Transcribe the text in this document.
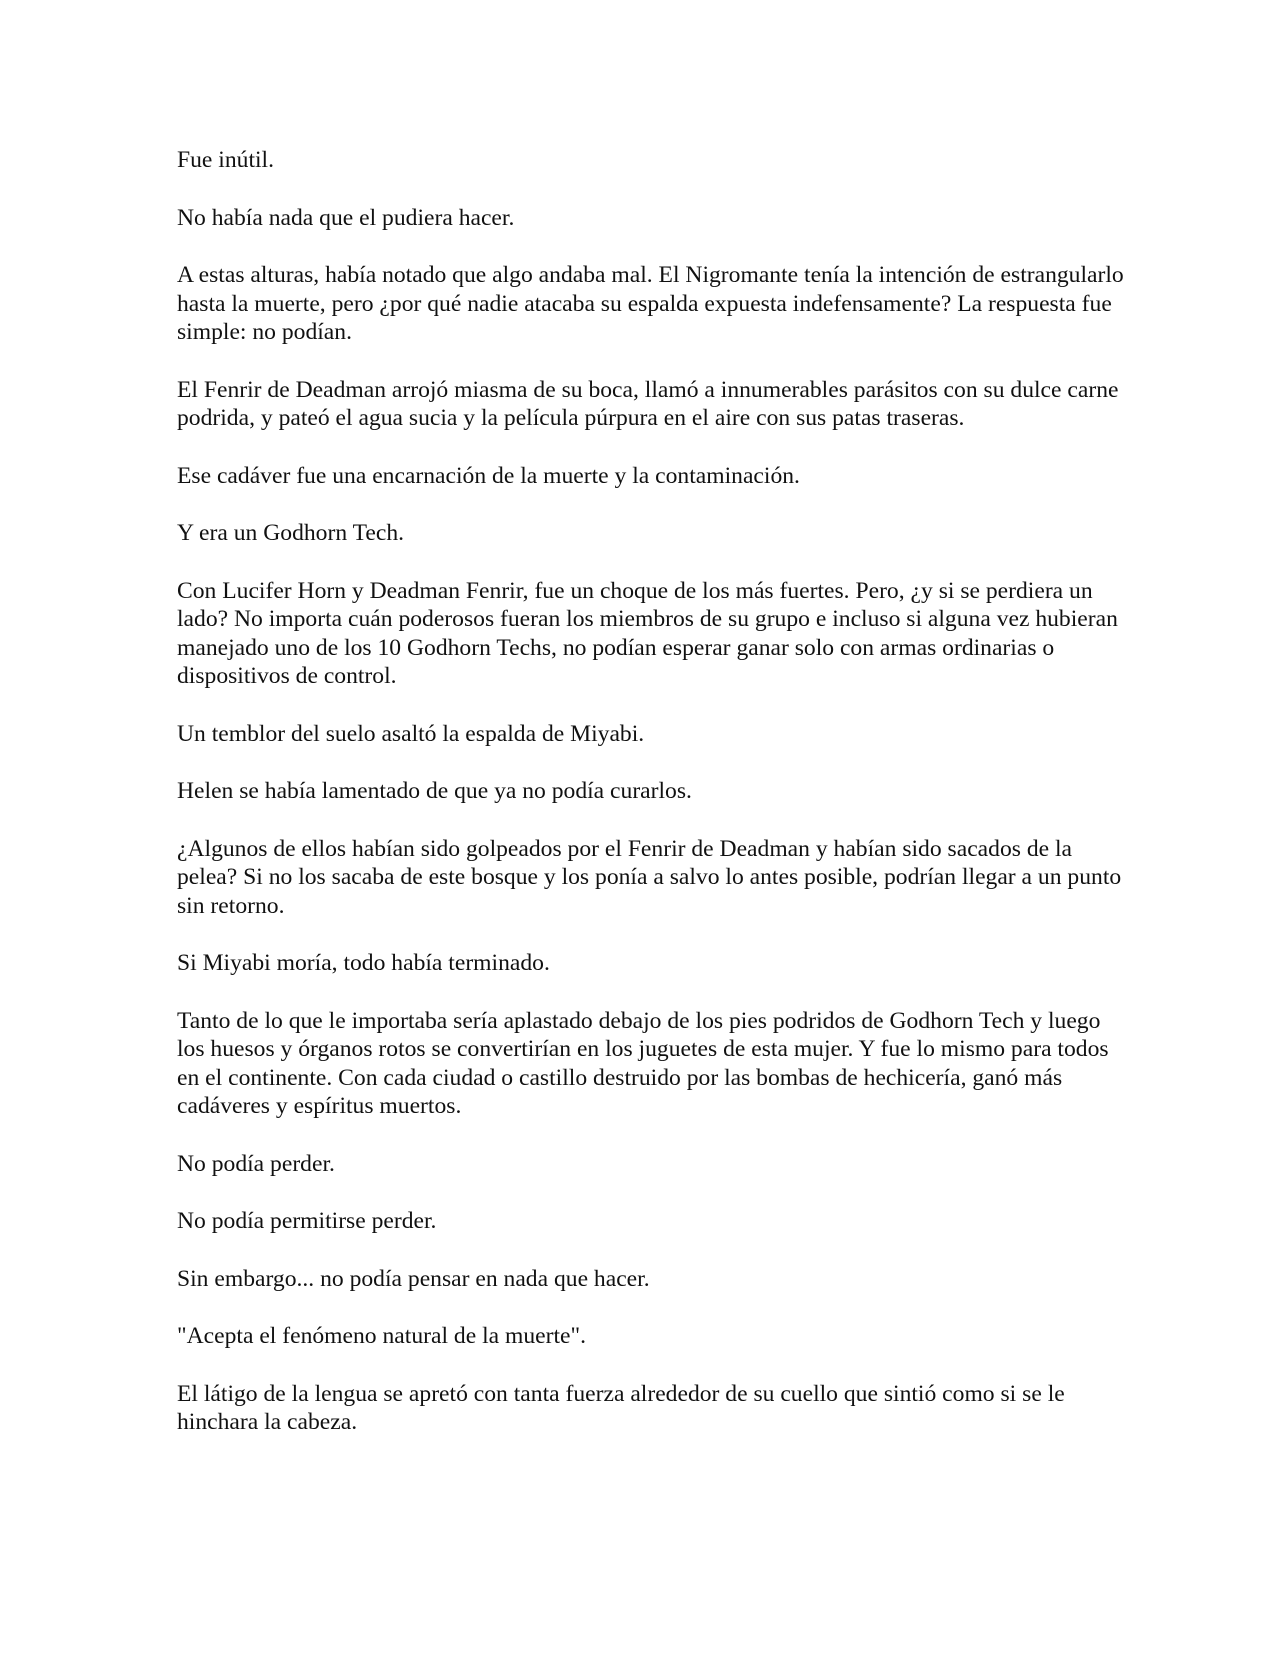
Fue inútil.

No había nada que el pudiera hacer.

A estas alturas, había notado que algo andaba mal. El Nigromante tenía la intención de estrangularlo hasta la muerte, pero ¿por qué nadie atacaba su espalda expuesta indefensamente? La respuesta fue simple: no podían.

El Fenrir de Deadman arrojó miasma de su boca, llamó a innumerables parásitos con su dulce carne podrida, y pateó el agua sucia y la película púrpura en el aire con sus patas traseras.

Ese cadáver fue una encarnación de la muerte y la contaminación.

Y era un Godhorn Tech.

Con Lucifer Horn y Deadman Fenrir, fue un choque de los más fuertes. Pero, ¿y si se perdiera un lado? No importa cuán poderosos fueran los miembros de su grupo e incluso si alguna vez hubieran manejado uno de los 10 Godhorn Techs, no podían esperar ganar solo con armas ordinarias o dispositivos de control.

Un temblor del suelo asaltó la espalda de Miyabi.

Helen se había lamentado de que ya no podía curarlos.

¿Algunos de ellos habían sido golpeados por el Fenrir de Deadman y habían sido sacados de la pelea? Si no los sacaba de este bosque y los ponía a salvo lo antes posible, podrían llegar a un punto sin retorno.

Si Miyabi moría, todo había terminado.

Tanto de lo que le importaba sería aplastado debajo de los pies podridos de Godhorn Tech y luego los huesos y órganos rotos se convertirían en los juguetes de esta mujer. Y fue lo mismo para todos en el continente. Con cada ciudad o castillo destruido por las bombas de hechicería, ganó más cadáveres y espíritus muertos.

No podía perder.

No podía permitirse perder.

Sin embargo... no podía pensar en nada que hacer.

"Acepta el fenómeno natural de la muerte".

El látigo de la lengua se apretó con tanta fuerza alrededor de su cuello que sintió como si se le hinchara la cabeza.
